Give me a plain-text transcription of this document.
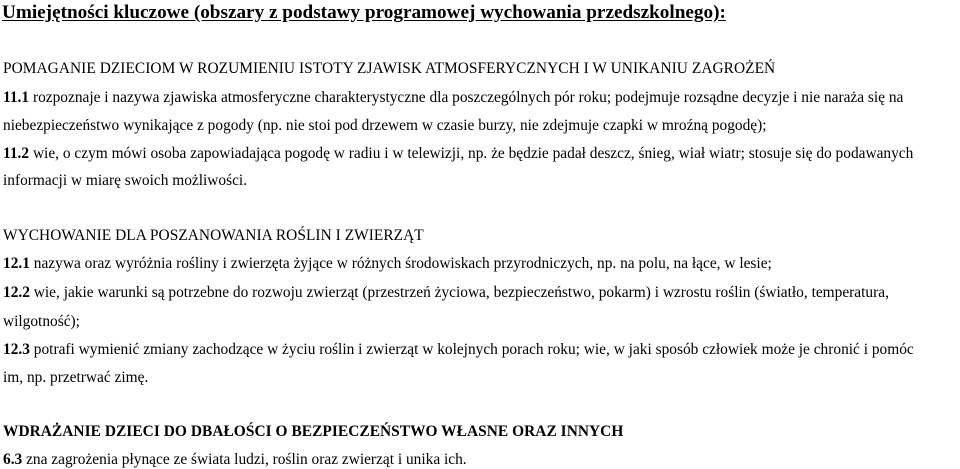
Umiejętności kluczowe (obszary z podstawy programowej wychowania przedszkolnego):
POMAGANIE DZIECIOM W ROZUMIENIU ISTOTY ZJAWISK ATMOSFERYCZNYCH I W UNIKANIU ZAGROŻEŃ
11.1 rozpoznaje i nazywa zjawiska atmosferyczne charakterystyczne dla poszczególnych pór roku; podejmuje rozsądne decyzje i nie naraża się na
niebezpieczeństwo wynikające z pogody (np. nie stoi pod drzewem w czasie burzy, nie zdejmuje czapki w mroźną pogodę);
11.2 wie, o czym mówi osoba zapowiadająca pogodę w radiu i w telewizji, np. że będzie padał deszcz, śnieg, wiał wiatr; stosuje się do podawanych
informacji w miarę swoich możliwości.
WYCHOWANIE DLA POSZANOWANIA ROŚLIN I ZWIERZĄT
12.1 nazywa oraz wyróżnia rośliny i zwierzęta żyjące w różnych środowiskach przyrodniczych, np. na polu, na łące, w lesie;
12.2 wie, jakie warunki są potrzebne do rozwoju zwierząt (przestrzeń życiowa, bezpieczeństwo, pokarm) i wzrostu roślin (światło, temperatura,
wilgotność);
12.3 potrafi wymienić zmiany zachodzące w życiu roślin i zwierząt w kolejnych porach roku; wie, w jaki sposób człowiek może je chronić i pomóc
im, np. przetrwać zimę.
WDRAŻANIE DZIECI DO DBAŁOŚCI O BEZPIECZEŃSTWO WŁASNE ORAZ INNYCH
6.3 zna zagrożenia płynące ze świata ludzi, roślin oraz zwierząt i unika ich.
